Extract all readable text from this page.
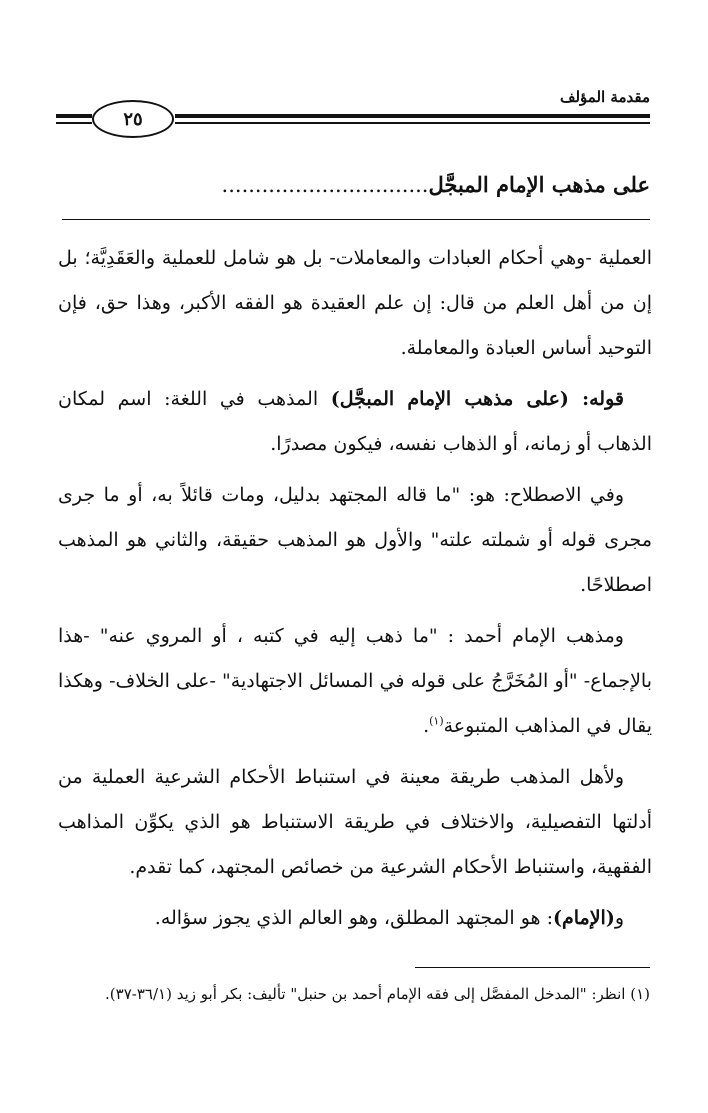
مقدمة المؤلف
٢٥
على مذهب الإمام المبجَّل...............................

العملية -وهي أحكام العبادات والمعاملات- بل هو شامل للعملية والعَقَدِيَّة؛ بل إن من أهل العلم من قال: إن علم العقيدة هو الفقه الأكبر، وهذا حق، فإن التوحيد أساس العبادة والمعاملة.

قوله: (على مذهب الإمام المبجَّل) المذهب في اللغة: اسم لمكان الذهاب أو زمانه، أو الذهاب نفسه، فيكون مصدرًا.

وفي الاصطلاح: هو: "ما قاله المجتهد بدليل، ومات قائلاً به، أو ما جرى مجرى قوله أو شملته علته" والأول هو المذهب حقيقة، والثاني هو المذهب اصطلاحًا.

ومذهب الإمام أحمد : "ما ذهب إليه في كتبه ، أو المروي عنه" -هذا بالإجماع- "أو المُخَرَّجُ على قوله في المسائل الاجتهادية" -على الخلاف- وهكذا يقال في المذاهب المتبوعة$^{(١)}$.

ولأهل المذهب طريقة معينة في استنباط الأحكام الشرعية العملية من أدلتها التفصيلية، والاختلاف في طريقة الاستنباط هو الذي يكوِّن المذاهب الفقهية، واستنباط الأحكام الشرعية من خصائص المجتهد، كما تقدم.

و(الإمام): هو المجتهد المطلق، وهو العالم الذي يجوز سؤاله.

(١) انظر: "المدخل المفصَّل إلى فقه الإمام أحمد بن حنبل" تأليف: بكر أبو زيد (٣٦/١-٣٧).
